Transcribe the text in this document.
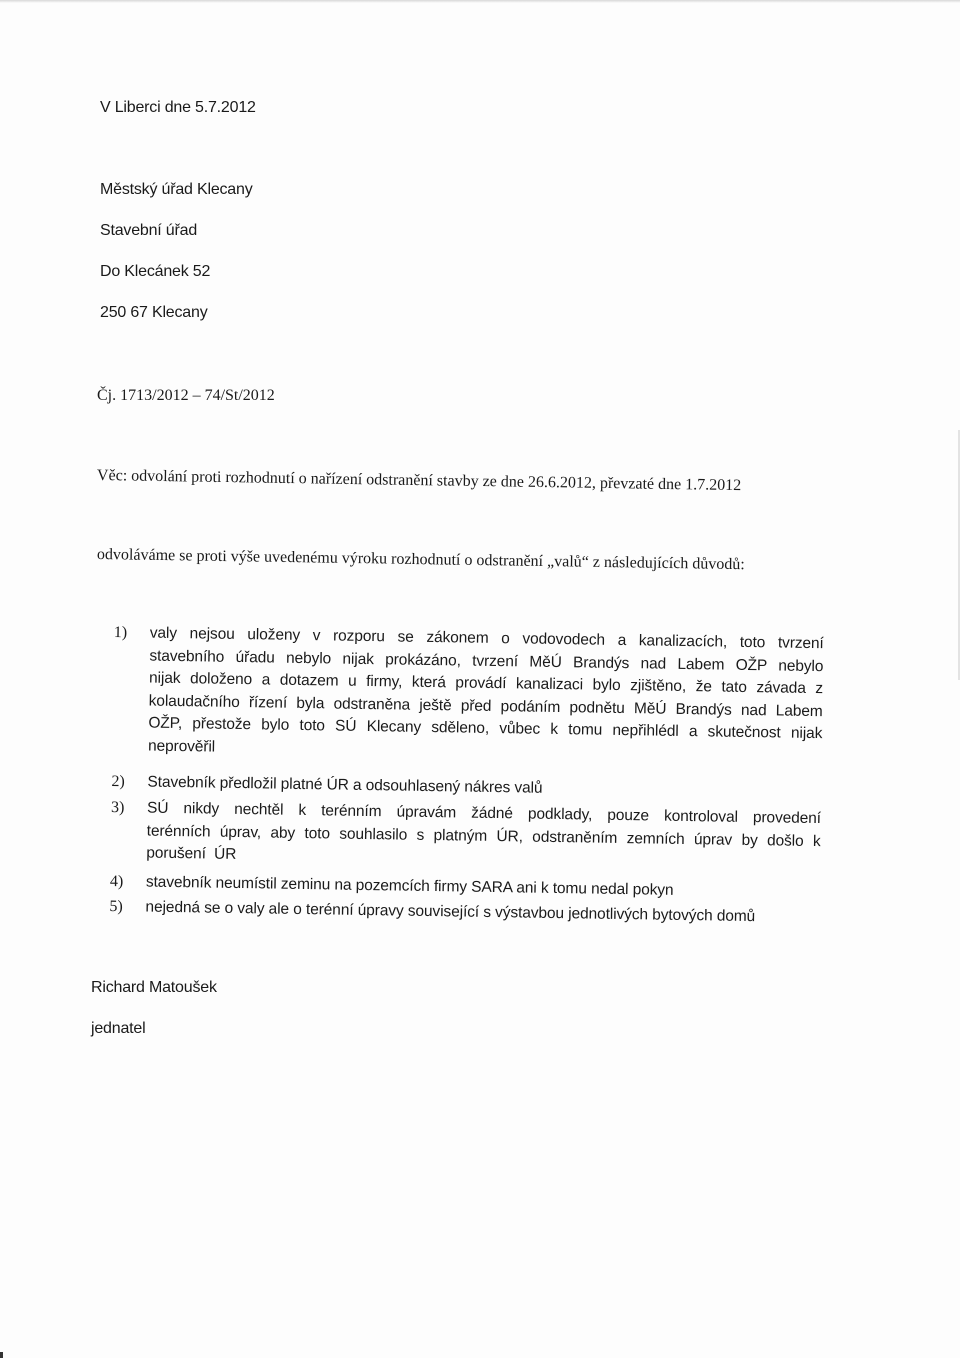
V Liberci dne 5.7.2012
Městský úřad Klecany
Stavební úřad
Do Klecánek 52
250 67 Klecany
Čj. 1713/2012 – 74/St/2012
Věc: odvolání proti rozhodnutí o nařízení odstranění stavby ze dne 26.6.2012, převzaté dne 1.7.2012
odvoláváme se proti výše uvedenému výroku rozhodnutí o odstranění „valů“ z následujících důvodů:
1)	valy nejsou uloženy v rozporu se zákonem o vodovodech a kanalizacích, toto tvrzení stavebního úřadu nebylo nijak prokázáno, tvrzení MěÚ Brandýs nad Labem OŽP nebylo nijak doloženo a dotazem u firmy, která provádí kanalizaci bylo zjištěno, že tato závada z kolaudačního řízení byla odstraněna ještě před podáním podnětu MěÚ Brandýs nad Labem OŽP, přestože bylo toto SÚ Klecany sděleno, vůbec k tomu nepřihlédl a skutečnost nijak neprověřil
2)	Stavebník předložil platné ÚR a odsouhlasený nákres valů
3)	SÚ nikdy nechtěl k terénním úpravám žádné podklady, pouze kontroloval provedení terénních úprav, aby toto souhlasilo s platným ÚR, odstraněním zemních úprav by došlo k porušení ÚR
4)	stavebník neumístil zeminu na pozemcích firmy SARA ani k tomu nedal pokyn
5)	nejedná se o valy ale o terénní úpravy související s výstavbou jednotlivých bytových domů
Richard Matoušek
jednatel
